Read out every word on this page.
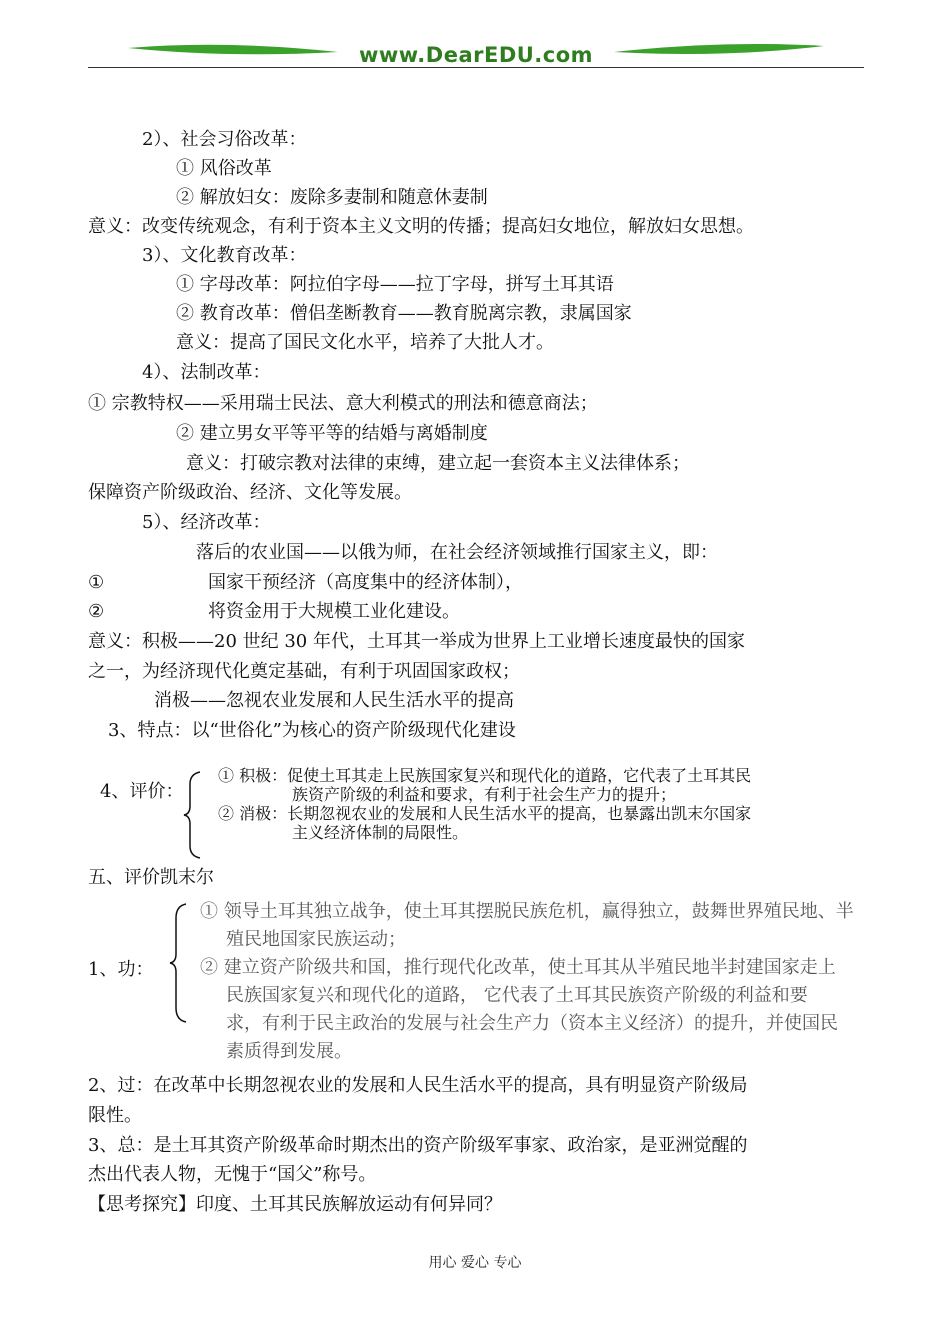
www.DearEDU.com
2）、社会习俗改革：
① 风俗改革
② 解放妇女：废除多妻制和随意休妻制
意义：改变传统观念，有利于资本主义文明的传播；提高妇女地位，解放妇女思想。
3）、文化教育改革：
① 字母改革：阿拉伯字母——拉丁字母，拼写土耳其语
② 教育改革：僧侣垄断教育——教育脱离宗教，隶属国家
意义：提高了国民文化水平，培养了大批人才。
4）、法制改革：
① 宗教特权——采用瑞士民法、意大利模式的刑法和德意商法；
② 建立男女平等平等的结婚与离婚制度
意义：打破宗教对法律的束缚，建立起一套资本主义法律体系；
保障资产阶级政治、经济、文化等发展。
5）、经济改革：
落后的农业国——以俄为师，在社会经济领域推行国家主义，即：
①	国家干预经济（高度集中的经济体制），
②	将资金用于大规模工业化建设。
意义：积极——20 世纪 30 年代，土耳其一举成为世界上工业增长速度最快的国家
之一，为经济现代化奠定基础，有利于巩固国家政权；
消极——忽视农业发展和人民生活水平的提高
3、特点：以“世俗化”为核心的资产阶级现代化建设
4、评价：
① 积极：促使土耳其走上民族国家复兴和现代化的道路，它代表了土耳其民
族资产阶级的利益和要求，有利于社会生产力的提升；
② 消极：长期忽视农业的发展和人民生活水平的提高，也暴露出凯末尔国家
主义经济体制的局限性。
五、评价凯末尔
1、功：
① 领导土耳其独立战争，使土耳其摆脱民族危机，赢得独立，鼓舞世界殖民地、半
殖民地国家民族运动；
② 建立资产阶级共和国，推行现代化改革，使土耳其从半殖民地半封建国家走上
民族国家复兴和现代化的道路， 它代表了土耳其民族资产阶级的利益和要
求，有利于民主政治的发展与社会生产力（资本主义经济）的提升，并使国民
素质得到发展。
2、过：在改革中长期忽视农业的发展和人民生活水平的提高，具有明显资产阶级局
限性。
3、总：是土耳其资产阶级革命时期杰出的资产阶级军事家、政治家，是亚洲觉醒的
杰出代表人物，无愧于“国父”称号。
【思考探究】印度、土耳其民族解放运动有何异同？
用心 爱心 专心
